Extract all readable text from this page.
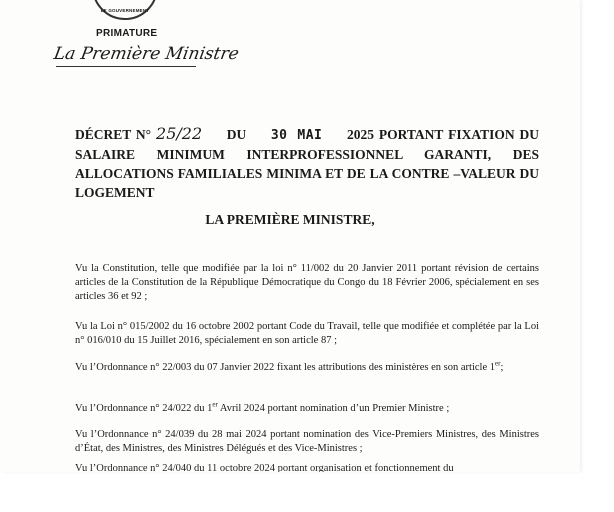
LE GOUVERNEMENT
PRIMATURE
La Première Ministre
DÉCRET N° 25/22 DU 30 MAI 2025 PORTANT FIXATION DU SALAIRE MINIMUM INTERPROFESSIONNEL GARANTI, DES ALLOCATIONS FAMILIALES MINIMA ET DE LA CONTRE –VALEUR DU LOGEMENT
LA PREMIÈRE MINISTRE,
Vu la Constitution, telle que modifiée par la loi n° 11/002 du 20 Janvier 2011 portant révision de certains articles de la Constitution de la République Démocratique du Congo du 18 Février 2006, spécialement en ses articles 36 et 92 ;
Vu la Loi n° 015/2002 du 16 octobre 2002 portant Code du Travail, telle que modifiée et complétée par la Loi n° 016/010 du 15 Juillet 2016, spécialement en son article 87 ;
Vu l’Ordonnance n° 22/003 du 07 Janvier 2022 fixant les attributions des ministères en son article 1er;
Vu l’Ordonnance n° 24/022 du 1er Avril 2024 portant nomination d’un Premier Ministre ;
Vu l’Ordonnance n° 24/039 du 28 mai 2024 portant nomination des Vice-Premiers Ministres, des Ministres d’État, des Ministres, des Ministres Délégués et des Vice-Ministres ;
Vu l’Ordonnance n° 24/040 du 11 octobre 2024 portant organisation et fonctionnement du
